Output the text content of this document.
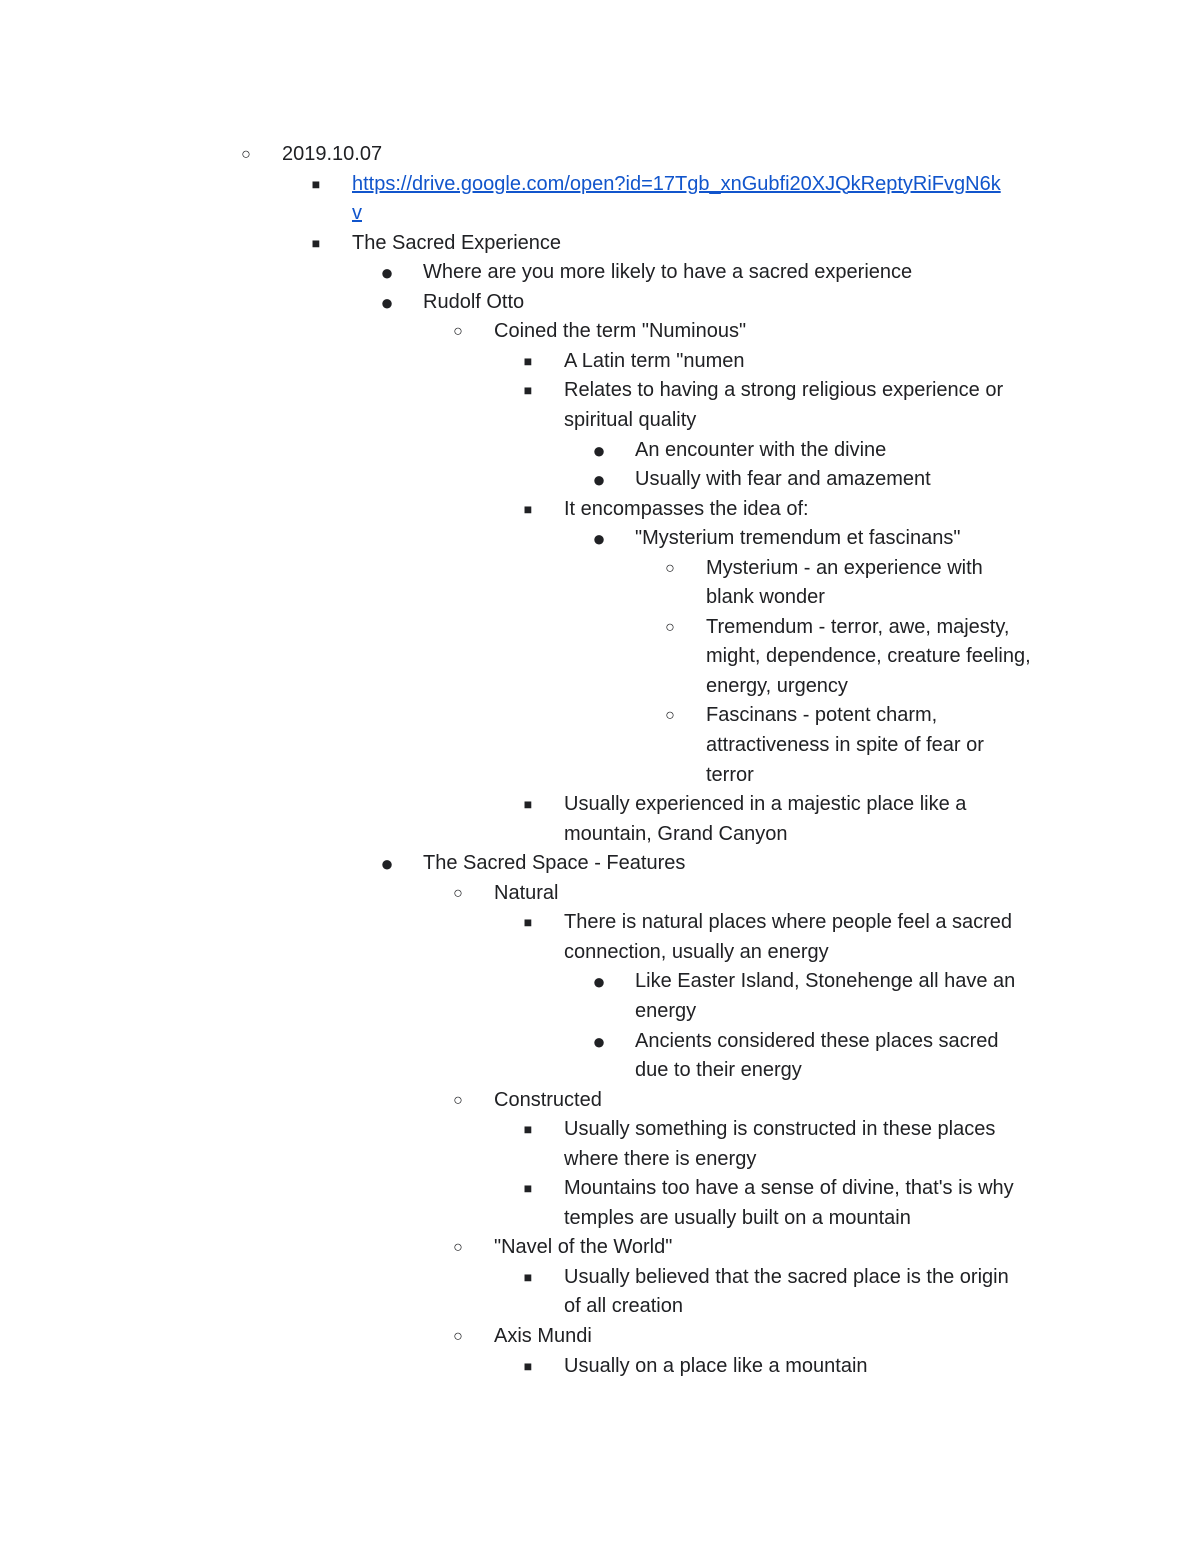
○ 2019.10.07
■ https://drive.google.com/open?id=17Tgb_xnGubfi20XJQkReptyRiFvgN6k
v
■ The Sacred Experience
● Where are you more likely to have a sacred experience
● Rudolf Otto
○ Coined the term "Numinous"
■ A Latin term "numen
■ Relates to having a strong religious experience or
spiritual quality
● An encounter with the divine
● Usually with fear and amazement
■ It encompasses the idea of:
● "Mysterium tremendum et fascinans"
○ Mysterium - an experience with
blank wonder
○ Tremendum - terror, awe, majesty,
might, dependence, creature feeling,
energy, urgency
○ Fascinans - potent charm,
attractiveness in spite of fear or
terror
■ Usually experienced in a majestic place like a
mountain, Grand Canyon
● The Sacred Space - Features
○ Natural
■ There is natural places where people feel a sacred
connection, usually an energy
● Like Easter Island, Stonehenge all have an
energy
● Ancients considered these places sacred
due to their energy
○ Constructed
■ Usually something is constructed in these places
where there is energy
■ Mountains too have a sense of divine, that's is why
temples are usually built on a mountain
○ "Navel of the World"
■ Usually believed that the sacred place is the origin
of all creation
○ Axis Mundi
■ Usually on a place like a mountain
